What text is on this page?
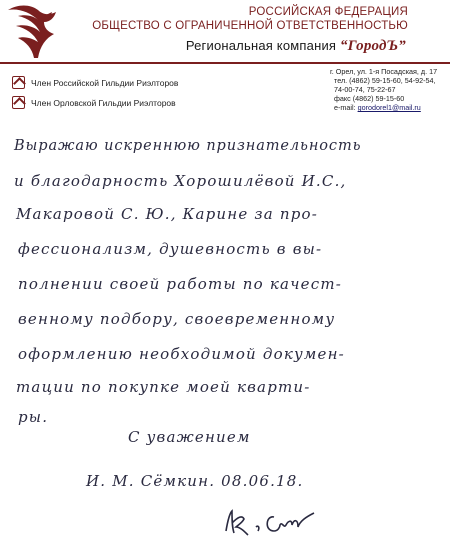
РОССИЙСКАЯ ФЕДЕРАЦИЯ
ОБЩЕСТВО С ОГРАНИЧЕННОЙ ОТВЕТСТВЕННОСТЬЮ
Региональная компания “ГородЪ”
Член Российской Гильдии Риэлторов
Член Орловской Гильдии Риэлторов
г. Орел, ул. 1-я Посадская, д. 17
тел. (4862) 59-15-60, 54-92-54,
74-00-74, 75-22-67
факс (4862) 59-15-60
e-mail: gorodorel1@mail.ru
Выражаю искреннюю признательность
и благодарность Хорошилёвой И.С.,
Макаровой С. Ю., Карине за про-
фессионализм, душевность в вы-
полнении своей работы по качест-
венному подбору, своевременному
оформлению необходимой докумен-
тации по покупке моей кварти-
ры.
С уважением
И. М. Сёмкин. 08.06.18.
